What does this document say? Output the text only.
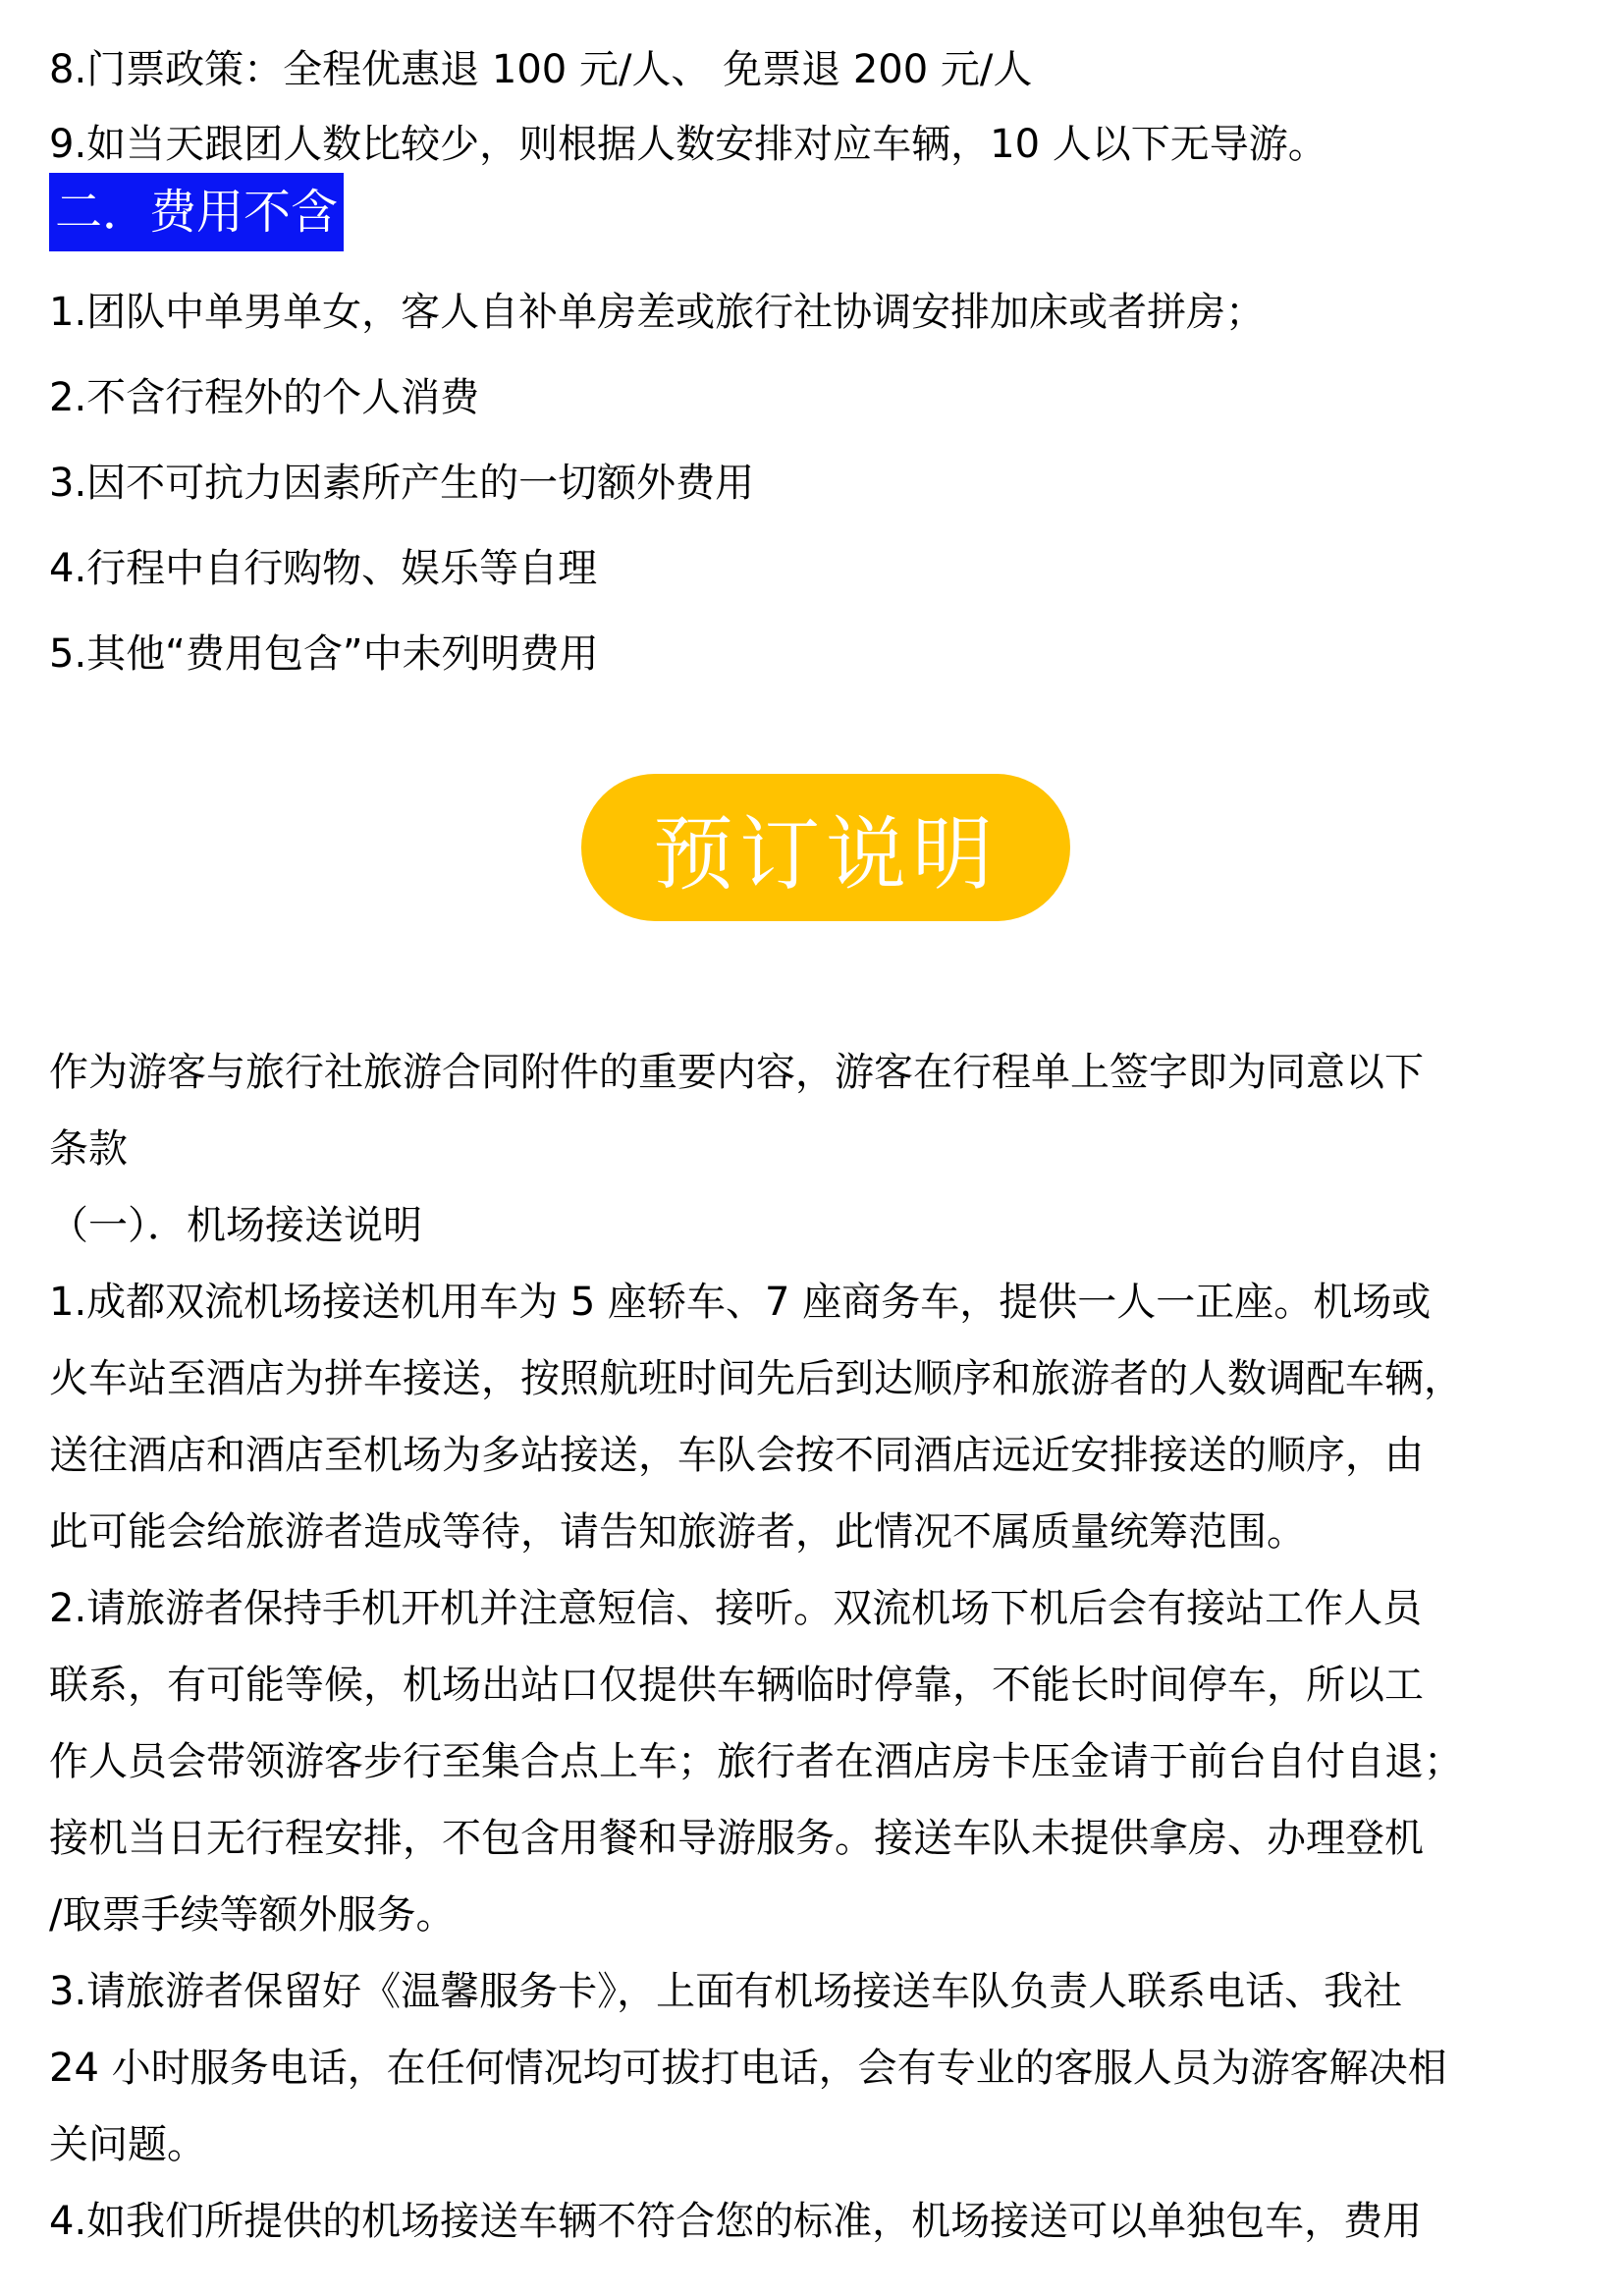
8.门票政策：全程优惠退 100 元/人、 免票退 200 元/人
9.如当天跟团人数比较少，则根据人数安排对应车辆，10 人以下无导游。
二．费用不含
1.团队中单男单女，客人自补单房差或旅行社协调安排加床或者拼房；
2.不含行程外的个人消费
3.因不可抗力因素所产生的一切额外费用
4.行程中自行购物、娱乐等自理
5.其他“费用包含”中未列明费用
预订说明
作为游客与旅行社旅游合同附件的重要内容，游客在行程单上签字即为同意以下
条款
（一）．机场接送说明
1.成都双流机场接送机用车为 5 座轿车、7 座商务车，提供一人一正座。机场或
火车站至酒店为拼车接送，按照航班时间先后到达顺序和旅游者的人数调配车辆，
送往酒店和酒店至机场为多站接送，车队会按不同酒店远近安排接送的顺序，由
此可能会给旅游者造成等待，请告知旅游者，此情况不属质量统筹范围。
2.请旅游者保持手机开机并注意短信、接听。双流机场下机后会有接站工作人员
联系，有可能等候，机场出站口仅提供车辆临时停靠，不能长时间停车，所以工
作人员会带领游客步行至集合点上车；旅行者在酒店房卡压金请于前台自付自退；
接机当日无行程安排，不包含用餐和导游服务。接送车队未提供拿房、办理登机
/取票手续等额外服务。
3.请旅游者保留好《温馨服务卡》，上面有机场接送车队负责人联系电话、我社
24 小时服务电话，在任何情况均可拔打电话，会有专业的客服人员为游客解决相
关问题。
4.如我们所提供的机场接送车辆不符合您的标准，机场接送可以单独包车，费用
